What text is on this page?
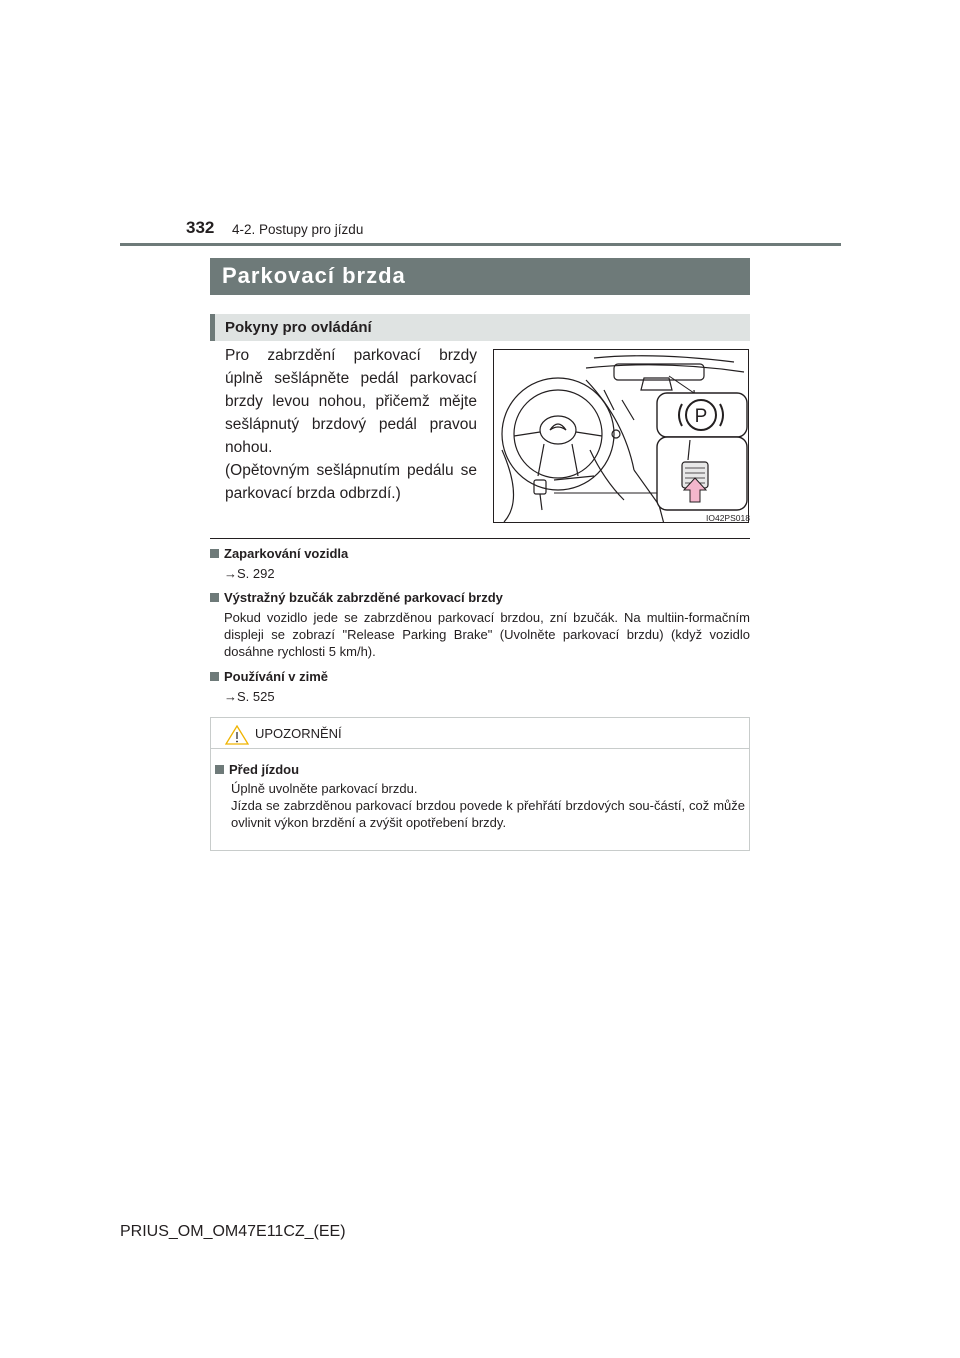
332 4-2. Postupy pro jízdu
Parkovací brzda
Pokyny pro ovládání

Pro zabrzdění parkovací brzdy úplně sešlápněte pedál parkovací brzdy levou nohou, přičemž mějte sešlápnutý brzdový pedál pravou nohou.

(Opětovným sešlápnutím pedálu se parkovací brzda odbrzdí.)

P
IO42PS018
Zaparkování vozidla
→S. 292
Výstražný bzučák zabrzděné parkovací brzdy
Pokud vozidlo jede se zabrzděnou parkovací brzdou, zní bzučák. Na multiin-formačním displeji se zobrazí "Release Parking Brake" (Uvolněte parkovací brzdu) (když vozidlo dosáhne rychlosti 5 km/h).
Používání v zimě
→S. 525
UPOZORNĚNÍ
Před jízdou
Úplně uvolněte parkovací brzdu.
Jízda se zabrzděnou parkovací brzdou povede k přehřátí brzdových sou-částí, což může ovlivnit výkon brzdění a zvýšit opotřebení brzdy.
PRIUS_OM_OM47E11CZ_(EE)
